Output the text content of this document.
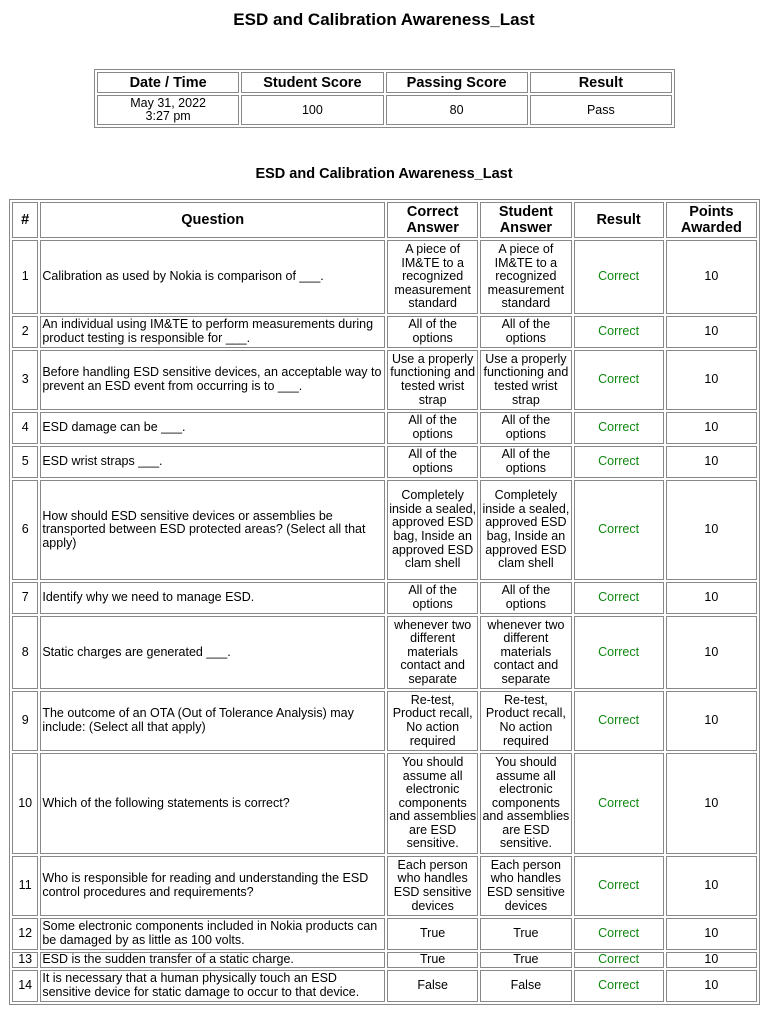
ESD and Calibration Awareness_Last
Date / Time	Student Score	Passing Score	Result

May 31, 2022
3:27 pm	100	80	Pass
ESD and Calibration Awareness_Last
#	Question	Correct Answer	Student Answer	Result	Points Awarded
1	Calibration as used by Nokia is comparison of ___.	A piece of IM&TE to a recognized measurement standard	A piece of IM&TE to a recognized measurement standard	Correct	10
2	An individual using IM&TE to perform measurements during product testing is responsible for ___.	All of the options	All of the options	Correct	10
3	Before handling ESD sensitive devices, an acceptable way to prevent an ESD event from occurring is to ___.	Use a properly functioning and tested wrist strap	Use a properly functioning and tested wrist strap	Correct	10
4	ESD damage can be ___.	All of the options	All of the options	Correct	10
5	ESD wrist straps ___.	All of the options	All of the options	Correct	10
6	How should ESD sensitive devices or assemblies be transported between ESD protected areas? (Select all that apply)	Completely inside a sealed, approved ESD bag, Inside an approved ESD clam shell	Completely inside a sealed, approved ESD bag, Inside an approved ESD clam shell	Correct	10
7	Identify why we need to manage ESD.	All of the options	All of the options	Correct	10
8	Static charges are generated ___.	whenever two different materials contact and separate	whenever two different materials contact and separate	Correct	10
9	The outcome of an OTA (Out of Tolerance Analysis) may include: (Select all that apply)	Re-test, Product recall, No action required	Re-test, Product recall, No action required	Correct	10
10	Which of the following statements is correct?	You should assume all electronic components and assemblies are ESD sensitive.	You should assume all electronic components and assemblies are ESD sensitive.	Correct	10
11	Who is responsible for reading and understanding the ESD control procedures and requirements?	Each person who handles ESD sensitive devices	Each person who handles ESD sensitive devices	Correct	10
12	Some electronic components included in Nokia products can be damaged by as little as 100 volts.	True	True	Correct	10
13	ESD is the sudden transfer of a static charge.	True	True	Correct	10
14	It is necessary that a human physically touch an ESD sensitive device for static damage to occur to that device.	False	False	Correct	10
